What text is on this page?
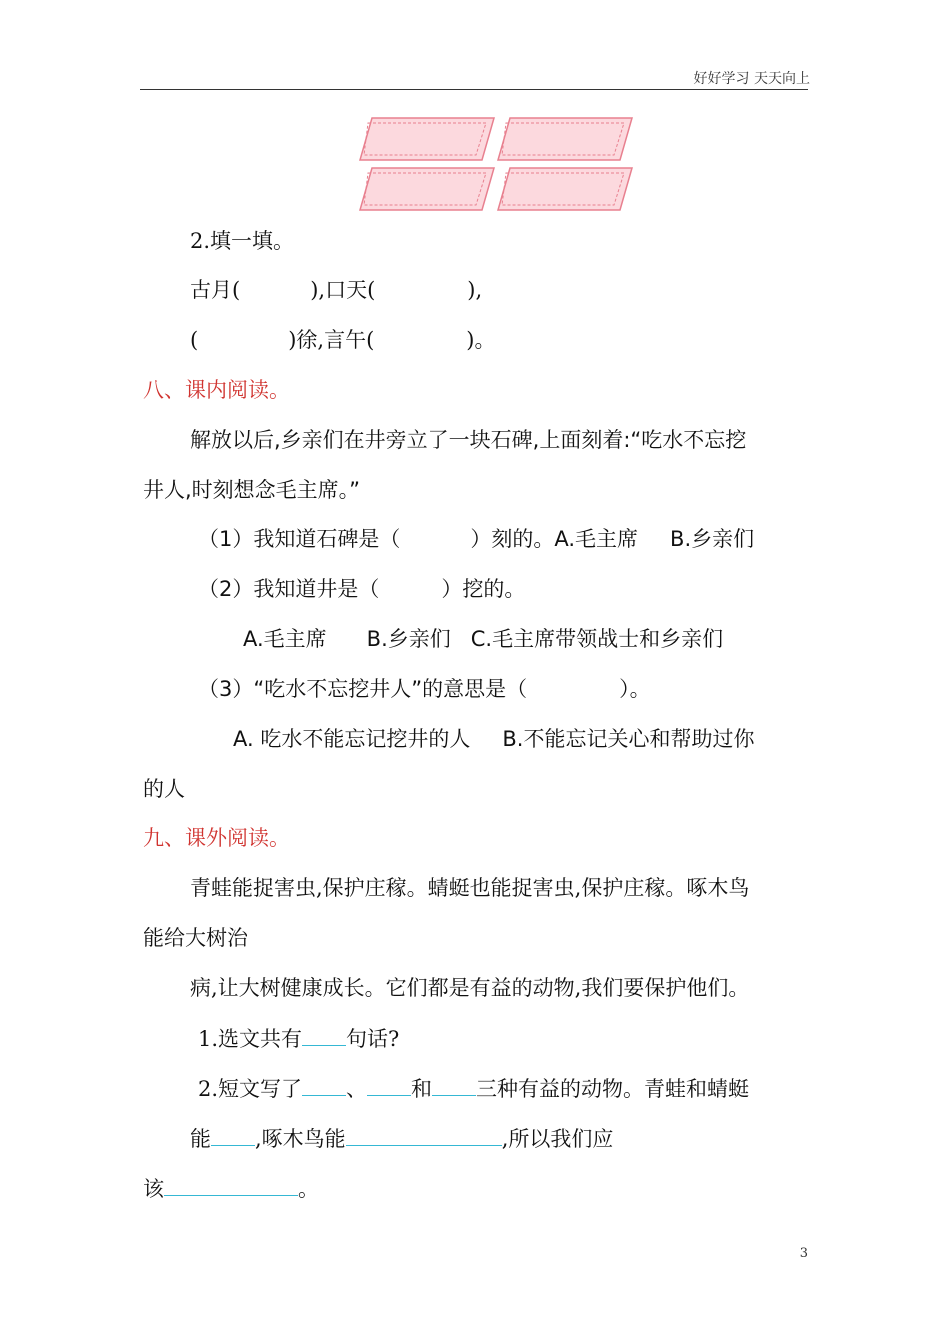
好好学习 天天向上
2.填一填。
古月(	),口天(	),
(	)徐,言午(	)。
八、课内阅读。
解放以后,乡亲们在井旁立了一块石碑,上面刻着:“吃水不忘挖
井人,时刻想念毛主席。”
（1）我知道石碑是（	）刻的。A.毛主席 B.乡亲们
（2）我知道井是（	）挖的。
A.毛主席 B.乡亲们 C.毛主席带领战士和乡亲们
（3）“吃水不忘挖井人”的意思是（	）。
A. 吃水不能忘记挖井的人 B.不能忘记关心和帮助过你
的人
九、课外阅读。
青蛙能捉害虫,保护庄稼。蜻蜓也能捉害虫,保护庄稼。啄木鸟
能给大树治
病,让大树健康成长。它们都是有益的动物,我们要保护他们。
1.选文共有 句话?
2.短文写了 、 和 三种有益的动物。青蛙和蜻蜓
能 ,啄木鸟能	,所以我们应
该	。
3
